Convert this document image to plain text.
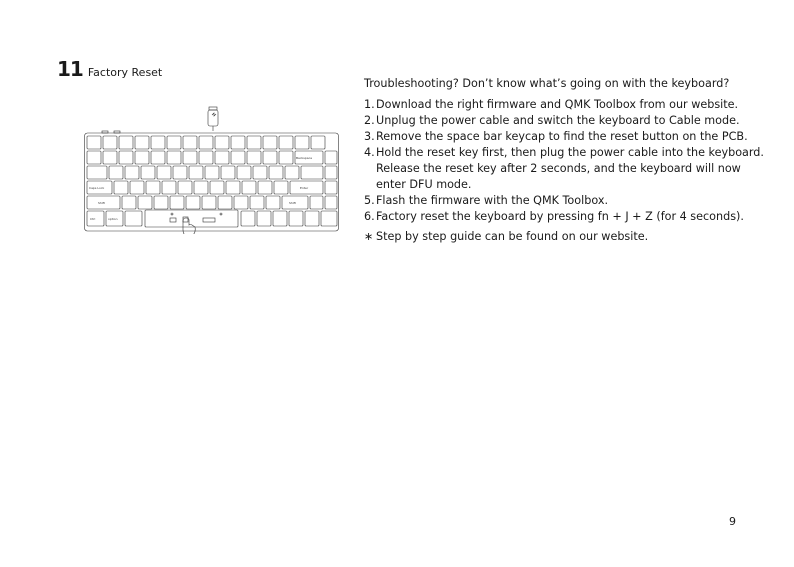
11 Factory Reset
Backspace
Caps Lock	Enter
Shift	Shift
Ctrl	option

Troubleshooting? Don’t know what’s going on with the keyboard?

1. Download the right firmware and QMK Toolbox from our website.
2. Unplug the power cable and switch the keyboard to Cable mode.
3. Remove the space bar keycap to find the reset button on the PCB.
4. Hold the reset key first, then plug the power cable into the keyboard. Release the reset key after 2 seconds, and the keyboard will now enter DFU mode.
5. Flash the firmware with the QMK Toolbox.
6. Factory reset the keyboard by pressing fn + J + Z (for 4 seconds).
∗ Step by step guide can be found on our website.
9
